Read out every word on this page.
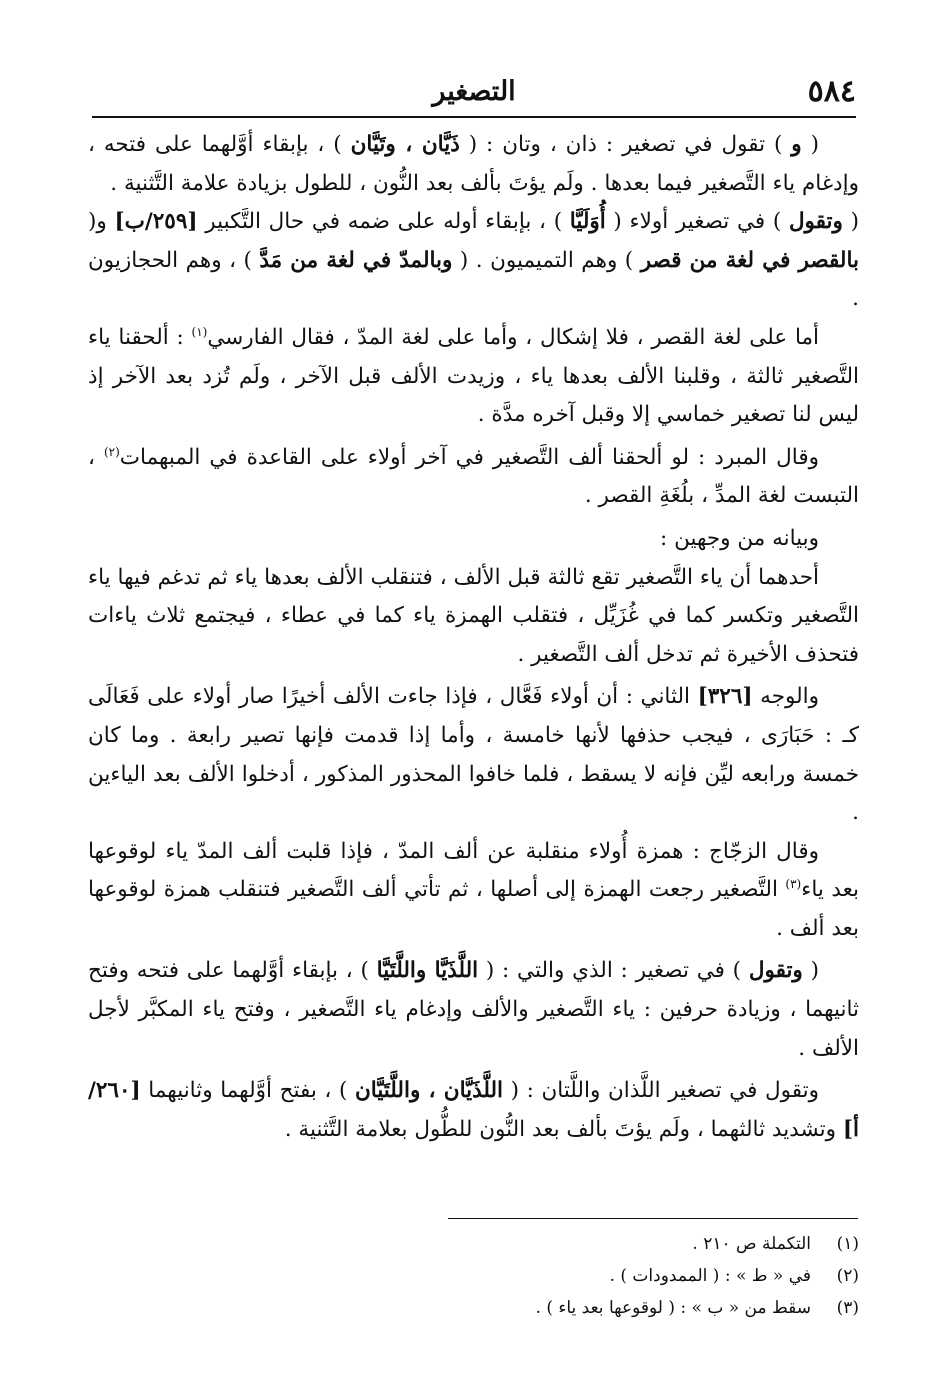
٥٨٤
التصغير

( و ) تقول في تصغير : ذان ، وتان : ( ذَيَّان ، وتَيَّان ) ، بإبقاء أوَّلهما على فتحه ، وإدغام ياء التَّصغير فيما بعدها . ولَم يؤتَ بألف بعد النُّون ، للطول بزيادة علامة التَّثنية .

( وتقول ) في تصغير أولاء ( أُوَلَيَّا ) ، بإبقاء أوله على ضمه في حال التَّكبير [٢٥٩/ب] و( بالقصر في لغة من قصر ) وهم التميميون . ( وبالمدّ في لغة من مَدَّ ) ، وهم الحجازيون .

أما على لغة القصر ، فلا إشكال ، وأما على لغة المدّ ، فقال الفارسي$^{(١)}$ : ألحقنا ياء التَّصغير ثالثة ، وقلبنا الألف بعدها ياء ، وزيدت الألف قبل الآخر ، ولَم تُزد بعد الآخر إذ ليس لنا تصغير خماسي إلا وقبل آخره مدَّة .

وقال المبرد : لو ألحقنا ألف التَّصغير في آخر أولاء على القاعدة في المبهمات$^{(٢)}$ ، التبست لغة المدِّ ، بلُغَةِ القصر .

وبيانه من وجهين :

أحدهما أن ياء التَّصغير تقع ثالثة قبل الألف ، فتنقلب الألف بعدها ياء ثم تدغم فيها ياء التَّصغير وتكسر كما في غُزَيِّل ، فتقلب الهمزة ياء كما في عطاء ، فيجتمع ثلاث ياءات فتحذف الأخيرة ثم تدخل ألف التَّصغير .

والوجه [٣٢٦] الثاني : أن أولاء فَعَّال ، فإذا جاءت الألف أخيرًا صار أولاء على فَعَالَى كـ : حَبَارَى ، فيجب حذفها لأنها خامسة ، وأما إذا قدمت فإنها تصير رابعة . وما كان خمسة ورابعه ليِّن فإنه لا يسقط ، فلما خافوا المحذور المذكور ، أدخلوا الألف بعد الياءين .

وقال الزجّاج : همزة أُولاء منقلبة عن ألف المدّ ، فإذا قلبت ألف المدّ ياء لوقوعها بعد ياء$^{(٣)}$ التَّصغير رجعت الهمزة إلى أصلها ، ثم تأتي ألف التَّصغير فتنقلب همزة لوقوعها بعد ألف .

( وتقول ) في تصغير : الذي والتي : ( اللَّذَيَّا واللَّتَيَّا ) ، بإبقاء أوَّلهما على فتحه وفتح ثانيهما ، وزيادة حرفين : ياء التَّصغير والألف وإدغام ياء التَّصغير ، وفتح ياء المكبَّر لأجل الألف .

وتقول في تصغير اللَّذان واللَّتان : ( اللَّذَيَّان ، واللَّتَيَّان ) ، بفتح أوَّلهما وثانيهما [٢٦٠/أ] وتشديد ثالثهما ، ولَم يؤتَ بألف بعد النُّون للطُّول بعلامة التَّثنية .

(١)
التكملة ص ٢١٠ .
(٢)
في « ط » : ( الممدودات ) .
(٣)
سقط من « ب » : ( لوقوعها بعد ياء ) .
